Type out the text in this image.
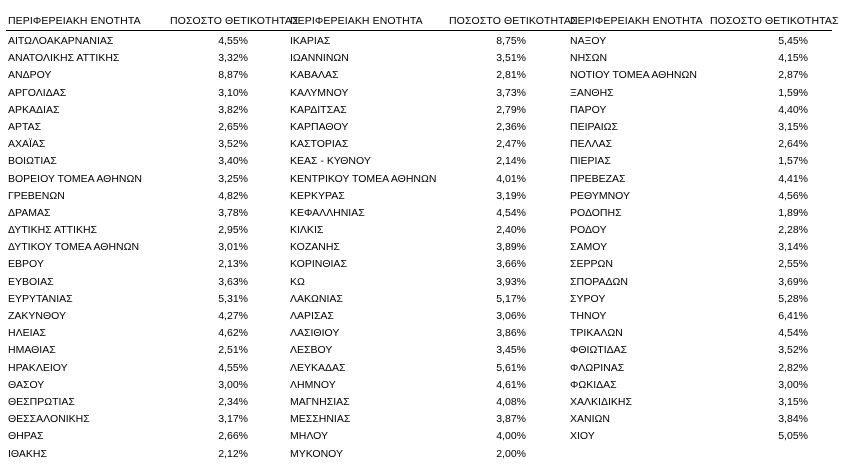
ΠΕΡΙΦΕΡΕΙΑΚΗ ΕΝΟΤΗΤΑ	ΠΟΣΟΣΤΟ ΘΕΤΙΚΟΤΗΤΑΣ
ΠΕΡΙΦΕΡΕΙΑΚΗ ΕΝΟΤΗΤΑ	ΠΟΣΟΣΤΟ ΘΕΤΙΚΟΤΗΤΑΣ
ΠΕΡΙΦΕΡΕΙΑΚΗ ΕΝΟΤΗΤΑ ΠΟΣΟΣΤΟ ΘΕΤΙΚΟΤΗΤΑΣ
ΑΙΤΩΛΟΑΚΑΡΝΑΝΙΑΣ	4,55%
ΑΝΑΤΟΛΙΚΗΣ ΑΤΤΙΚΗΣ	3,32%
ΑΝΔΡΟΥ	8,87%
ΑΡΓΟΛΙΔΑΣ	3,10%
ΑΡΚΑΔΙΑΣ	3,82%
ΑΡΤΑΣ	2,65%
ΑΧΑΪΑΣ	3,52%
ΒΟΙΩΤΙΑΣ	3,40%
ΒΟΡΕΙΟΥ ΤΟΜΕΑ ΑΘΗΝΩΝ	3,25%
ΓΡΕΒΕΝΩΝ	4,82%
ΔΡΑΜΑΣ	3,78%
ΔΥΤΙΚΗΣ ΑΤΤΙΚΗΣ	2,95%
ΔΥΤΙΚΟΥ ΤΟΜΕΑ ΑΘΗΝΩΝ	3,01%
ΕΒΡΟΥ	2,13%
ΕΥΒΟΙΑΣ	3,63%
ΕΥΡΥΤΑΝΙΑΣ	5,31%
ΖΑΚΥΝΘΟΥ	4,27%
ΗΛΕΙΑΣ	4,62%
ΗΜΑΘΙΑΣ	2,51%
ΗΡΑΚΛΕΙΟΥ	4,55%
ΘΑΣΟΥ	3,00%
ΘΕΣΠΡΩΤΙΑΣ	2,34%
ΘΕΣΣΑΛΟΝΙΚΗΣ	3,17%
ΘΗΡΑΣ	2,66%
ΙΘΑΚΗΣ	2,12%
ΙΚΑΡΙΑΣ	8,75%
ΙΩΑΝΝΙΝΩΝ	3,51%
ΚΑΒΑΛΑΣ	2,81%
ΚΑΛΥΜΝΟΥ	3,73%
ΚΑΡΔΙΤΣΑΣ	2,79%
ΚΑΡΠΑΘΟΥ	2,36%
ΚΑΣΤΟΡΙΑΣ	2,47%
ΚΕΑΣ - ΚΥΘΝΟΥ	2,14%
ΚΕΝΤΡΙΚΟΥ ΤΟΜΕΑ ΑΘΗΝΩΝ	4,01%
ΚΕΡΚΥΡΑΣ	3,19%
ΚΕΦΑΛΛΗΝΙΑΣ	4,54%
ΚΙΛΚΙΣ	2,40%
ΚΟΖΑΝΗΣ	3,89%
ΚΟΡΙΝΘΙΑΣ	3,66%
ΚΩ	3,93%
ΛΑΚΩΝΙΑΣ	5,17%
ΛΑΡΙΣΑΣ	3,06%
ΛΑΣΙΘΙΟΥ	3,86%
ΛΕΣΒΟΥ	3,45%
ΛΕΥΚΑΔΑΣ	5,61%
ΛΗΜΝΟΥ	4,61%
ΜΑΓΝΗΣΙΑΣ	4,08%
ΜΕΣΣΗΝΙΑΣ	3,87%
ΜΗΛΟΥ	4,00%
ΜΥΚΟΝΟΥ	2,00%
ΝΑΞΟΥ	5,45%
ΝΗΣΩΝ	4,15%
ΝΟΤΙΟΥ ΤΟΜΕΑ ΑΘΗΝΩΝ	2,87%
ΞΑΝΘΗΣ	1,59%
ΠΑΡΟΥ	4,40%
ΠΕΙΡΑΙΩΣ	3,15%
ΠΕΛΛΑΣ	2,64%
ΠΙΕΡΙΑΣ	1,57%
ΠΡΕΒΕΖΑΣ	4,41%
ΡΕΘΥΜΝΟΥ	4,56%
ΡΟΔΟΠΗΣ	1,89%
ΡΟΔΟΥ	2,28%
ΣΑΜΟΥ	3,14%
ΣΕΡΡΩΝ	2,55%
ΣΠΟΡΑΔΩΝ	3,69%
ΣΥΡΟΥ	5,28%
ΤΗΝΟΥ	6,41%
ΤΡΙΚΑΛΩΝ	4,54%
ΦΘΙΩΤΙΔΑΣ	3,52%
ΦΛΩΡΙΝΑΣ	2,82%
ΦΩΚΙΔΑΣ	3,00%
ΧΑΛΚΙΔΙΚΗΣ	3,15%
ΧΑΝΙΩΝ	3,84%
ΧΙΟΥ	5,05%
